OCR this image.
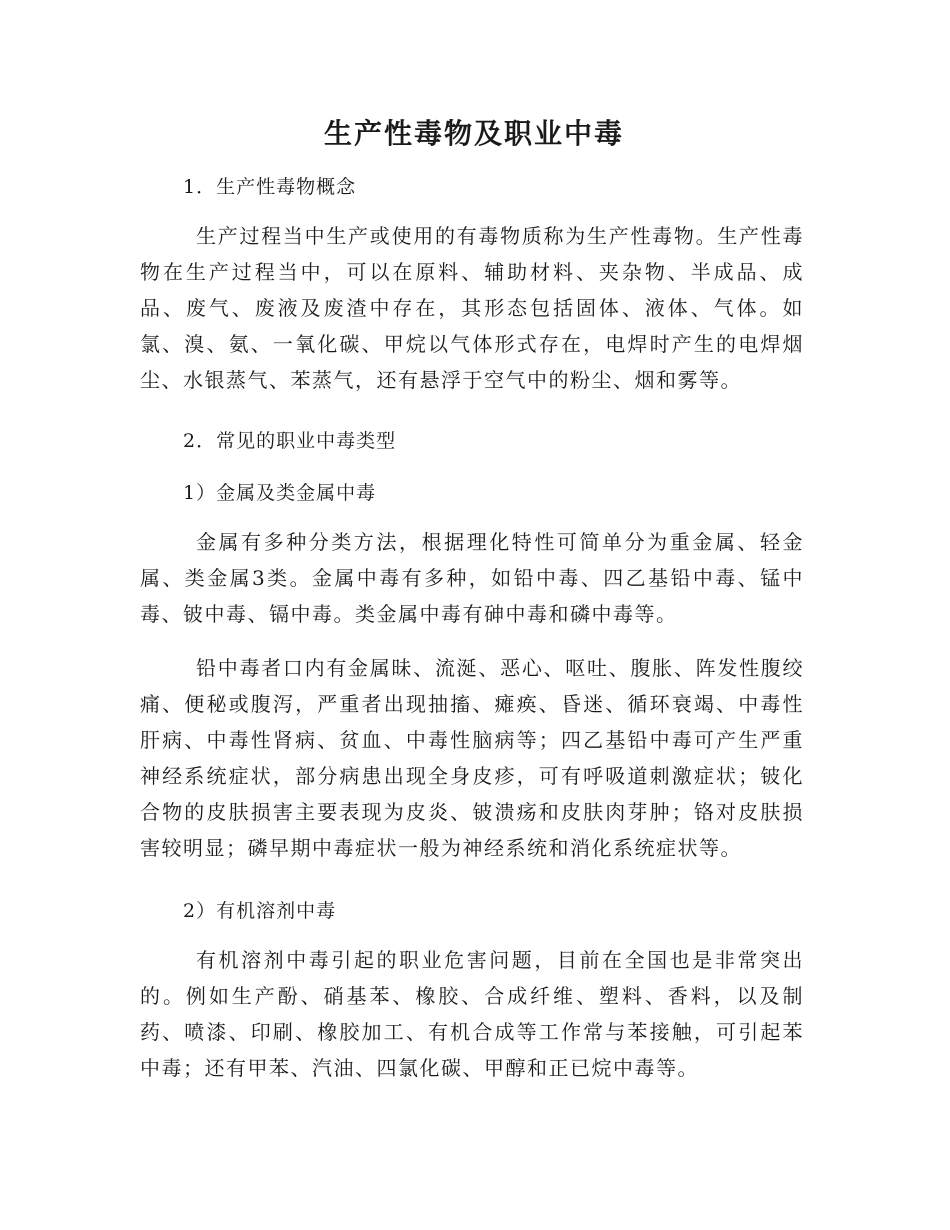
生产性毒物及职业中毒

1．生产性毒物概念

生产过程当中生产或使用的有毒物质称为生产性毒物。生产性毒物在生产过程当中，可以在原料、辅助材料、夹杂物、半成品、成品、废气、废液及废渣中存在，其形态包括固体、液体、气体。如氯、溴、氨、一氧化碳、甲烷以气体形式存在，电焊时产生的电焊烟尘、水银蒸气、苯蒸气，还有悬浮于空气中的粉尘、烟和雾等。

2．常见的职业中毒类型

1）金属及类金属中毒

金属有多种分类方法，根据理化特性可简单分为重金属、轻金属、类金属3类。金属中毒有多种，如铅中毒、四乙基铅中毒、锰中毒、铍中毒、镉中毒。类金属中毒有砷中毒和磷中毒等。

铅中毒者口内有金属昧、流涎、恶心、呕吐、腹胀、阵发性腹绞痛、便秘或腹泻，严重者出现抽搐、瘫痪、昏迷、循环衰竭、中毒性肝病、中毒性肾病、贫血、中毒性脑病等；四乙基铅中毒可产生严重神经系统症状，部分病患出现全身皮疹，可有呼吸道刺激症状；铍化合物的皮肤损害主要表现为皮炎、铍溃疡和皮肤肉芽肿；铬对皮肤损害较明显；磷早期中毒症状一般为神经系统和消化系统症状等。

2）有机溶剂中毒

有机溶剂中毒引起的职业危害问题，目前在全国也是非常突出的。例如生产酚、硝基苯、橡胶、合成纤维、塑料、香料，以及制药、喷漆、印刷、橡胶加工、有机合成等工作常与苯接触，可引起苯中毒；还有甲苯、汽油、四氯化碳、甲醇和正已烷中毒等。
